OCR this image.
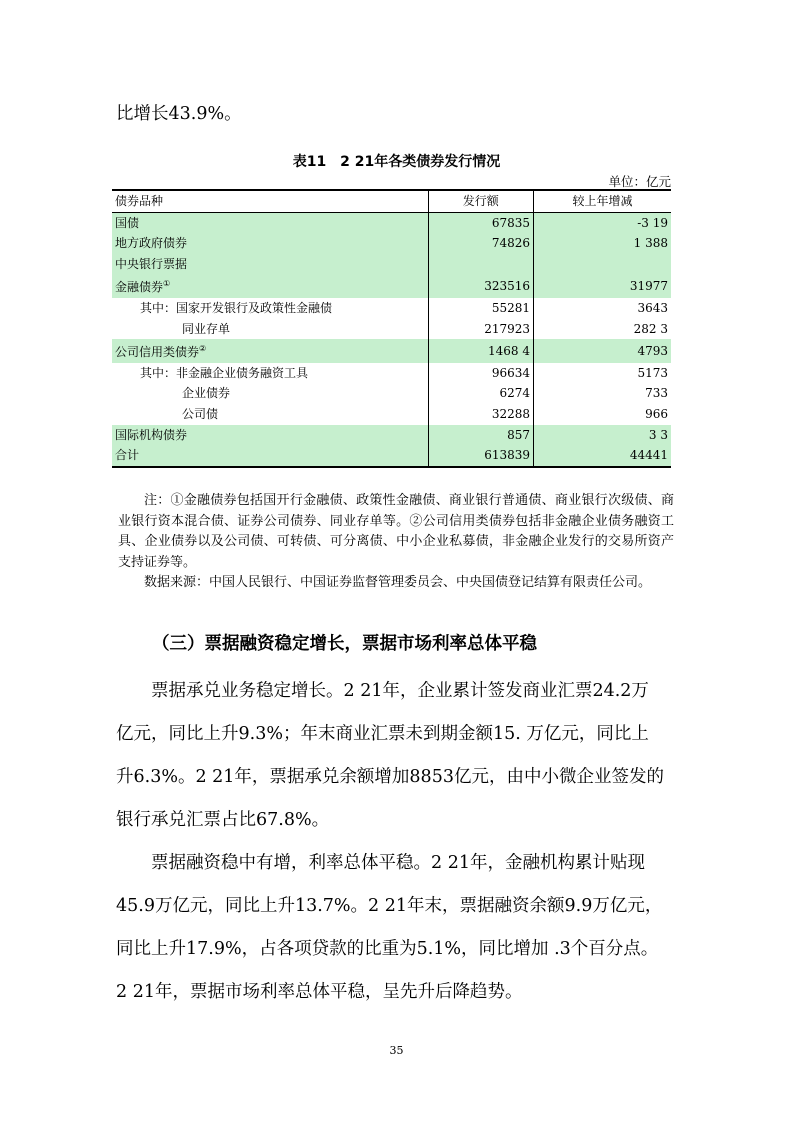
比增长43.9%。
表11　2 21年各类债券发行情况
单位：亿元
债券品种	发行额	较上年增减
国债	67835	-3 19
地方政府债券	74826	1 388
中央银行票据		
金融债券①	323516	31977
其中：国家开发银行及政策性金融债	55281	3643
同业存单	217923	282 3
公司信用类债券②	1468 4	4793
其中：非金融企业债务融资工具	96634	5173
企业债券	6274	733
公司债	32288	966
国际机构债券	857	3 3
合计	613839	44441

注：①金融债券包括国开行金融债、政策性金融债、商业银行普通债、商业银行次级债、商业银行资本混合债、证券公司债券、同业存单等。②公司信用类债券包括非金融企业债务融资工具、企业债券以及公司债、可转债、可分离债、中小企业私募债，非金融企业发行的交易所资产支持证券等。

数据来源：中国人民银行、中国证券监督管理委员会、中央国债登记结算有限责任公司。

（三）票据融资稳定增长，票据市场利率总体平稳
　　票据承兑业务稳定增长。2 21年，企业累计签发商业汇票24.2万
亿元，同比上升9.3%；年末商业汇票未到期金额15. 万亿元，同比上
升6.3%。2 21年，票据承兑余额增加8853亿元，由中小微企业签发的
银行承兑汇票占比67.8%。
　　票据融资稳中有增，利率总体平稳。2 21年，金融机构累计贴现
45.9万亿元，同比上升13.7%。2 21年末，票据融资余额9.9万亿元，
同比上升17.9%，占各项贷款的比重为5.1%，同比增加 .3个百分点。
2 21年，票据市场利率总体平稳，呈先升后降趋势。
35
